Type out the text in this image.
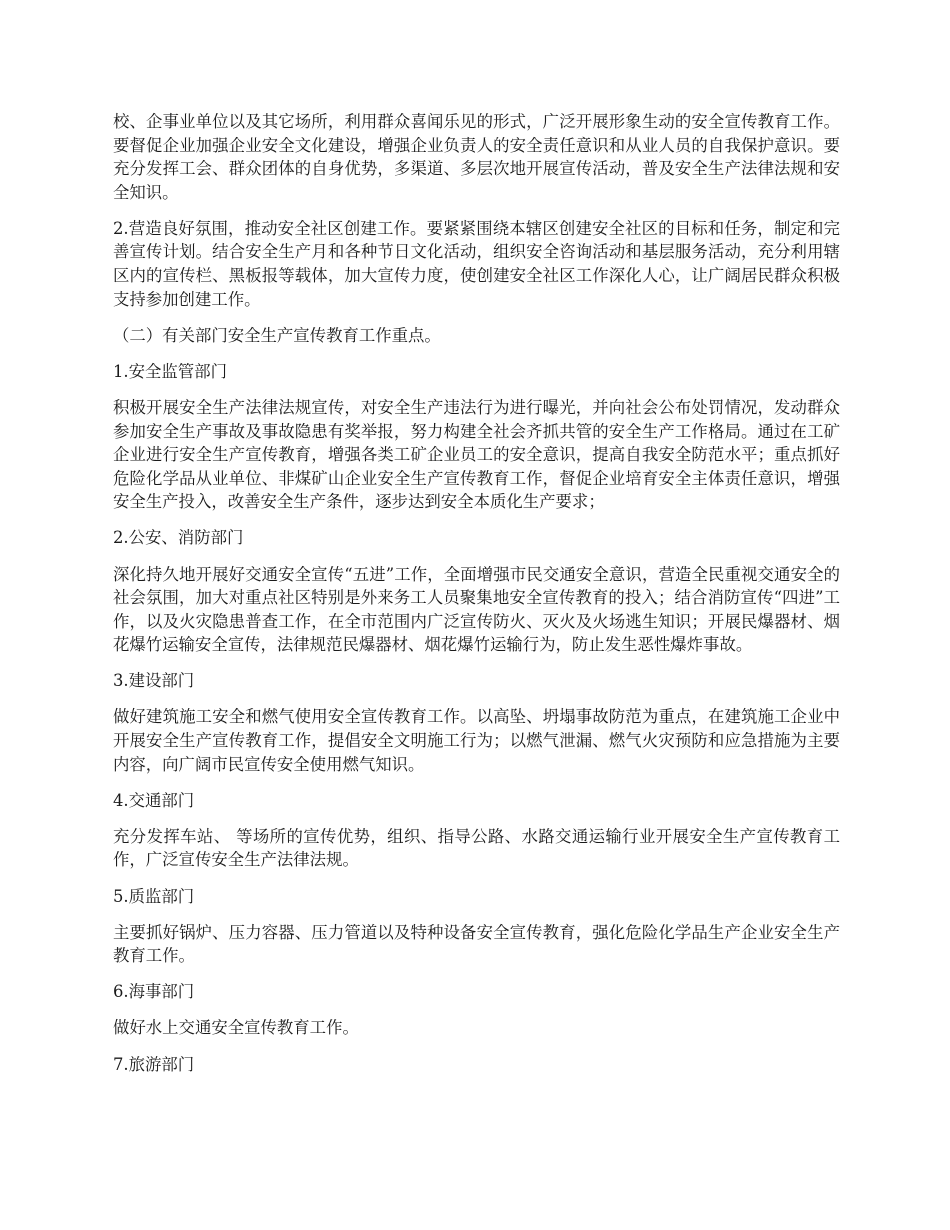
校、企事业单位以及其它场所，利用群众喜闻乐见的形式，广泛开展形象生动的安全宣传教育工作。要督促企业加强企业安全文化建设，增强企业负责人的安全责任意识和从业人员的自我保护意识。要充分发挥工会、群众团体的自身优势，多渠道、多层次地开展宣传活动，普及安全生产法律法规和安全知识。

2.营造良好氛围，推动安全社区创建工作。要紧紧围绕本辖区创建安全社区的目标和任务，制定和完善宣传计划。结合安全生产月和各种节日文化活动，组织安全咨询活动和基层服务活动，充分利用辖区内的宣传栏、黑板报等载体，加大宣传力度，使创建安全社区工作深化人心，让广阔居民群众积极支持参加创建工作。

（二）有关部门安全生产宣传教育工作重点。

1.安全监管部门

积极开展安全生产法律法规宣传，对安全生产违法行为进行曝光，并向社会公布处罚情况，发动群众参加安全生产事故及事故隐患有奖举报，努力构建全社会齐抓共管的安全生产工作格局。通过在工矿企业进行安全生产宣传教育，增强各类工矿企业员工的安全意识，提高自我安全防范水平；重点抓好危险化学品从业单位、非煤矿山企业安全生产宣传教育工作，督促企业培育安全主体责任意识，增强安全生产投入，改善安全生产条件，逐步达到安全本质化生产要求；

2.公安、消防部门

深化持久地开展好交通安全宣传“五进”工作，全面增强市民交通安全意识，营造全民重视交通安全的社会氛围，加大对重点社区特别是外来务工人员聚集地安全宣传教育的投入；结合消防宣传“四进”工作，以及火灾隐患普查工作，在全市范围内广泛宣传防火、灭火及火场逃生知识；开展民爆器材、烟花爆竹运输安全宣传，法律规范民爆器材、烟花爆竹运输行为，防止发生恶性爆炸事故。

3.建设部门

做好建筑施工安全和燃气使用安全宣传教育工作。以高坠、坍塌事故防范为重点，在建筑施工企业中开展安全生产宣传教育工作，提倡安全文明施工行为；以燃气泄漏、燃气火灾预防和应急措施为主要内容，向广阔市民宣传安全使用燃气知识。

4.交通部门

充分发挥车站、 等场所的宣传优势，组织、指导公路、水路交通运输行业开展安全生产宣传教育工作，广泛宣传安全生产法律法规。

5.质监部门

主要抓好锅炉、压力容器、压力管道以及特种设备安全宣传教育，强化危险化学品生产企业安全生产教育工作。

6.海事部门

做好水上交通安全宣传教育工作。

7.旅游部门
